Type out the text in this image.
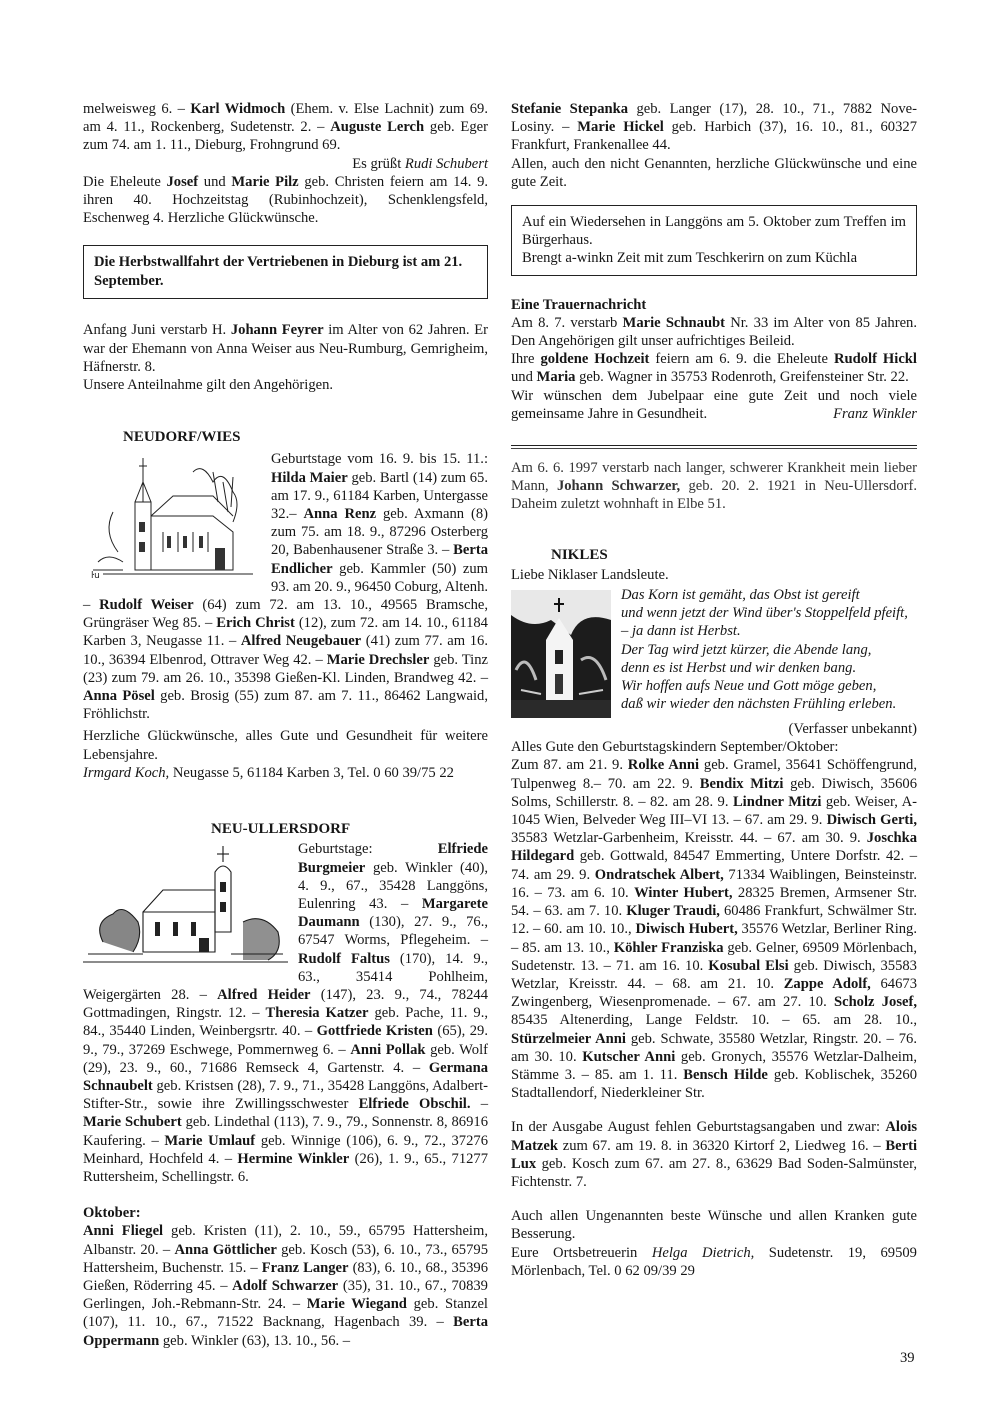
melweisweg 6. – Karl Widmoch (Ehem. v. Else Lachnit) zum 69. am 4. 11., Rockenberg, Sudetenstr. 2. – Auguste Lerch geb. Eger zum 74. am 1. 11., Dieburg, Frohngrund 69.

Es grüßt Rudi Schubert

Die Eheleute Josef und Marie Pilz geb. Christen feiern am 14. 9. ihren 40. Hochzeitstag (Rubinhochzeit), Schenklengsfeld, Eschenweg 4. Herzliche Glückwünsche.

Die Herbstwallfahrt der Vertriebenen in Dieburg ist am 21. September.

Anfang Juni verstarb H. Johann Feyrer im Alter von 62 Jahren. Er war der Ehemann von Anna Weiser aus Neu-Rumburg, Gemrigheim, Häfnerstr. 8.

Unsere Anteilnahme gilt den Angehörigen.

NEUDORF/WIES

ŀu
Geburtstage vom 16. 9. bis 15. 11.: Hilda Maier geb. Bartl (14) zum 65. am 17. 9., 61184 Karben, Untergasse 32.– Anna Renz geb. Axmann (8) zum 75. am 18. 9., 87296 Osterberg 20, Babenhausener Straße 3. – Berta Endlicher geb. Kammler (50) zum 93. am 20. 9., 96450 Coburg, Altenh. – Rudolf Weiser (64) zum 72. am 13. 10., 49565 Bramsche, Grüngräser Weg 85. – Erich Christ (12), zum 72. am 14. 10., 61184 Karben 3, Neugasse 11. – Alfred Neugebauer (41) zum 77. am 16. 10., 36394 Elbenrod, Ottraver Weg 42. – Marie Drechsler geb. Tinz (23) zum 79. am 26. 10., 35398 Gießen-Kl. Linden, Brandweg 42. – Anna Pösel geb. Brosig (55) zum 87. am 7. 11., 86462 Langwaid, Fröhlichstr.

Herzliche Glückwünsche, alles Gute und Gesundheit für weitere Lebensjahre.

Irmgard Koch, Neugasse 5, 61184 Karben 3, Tel. 0 60 39/75 22

NEU-ULLERSDORF

Geburtstage: Elfriede Burgmeier geb. Winkler (40), 4. 9., 67., 35428 Langgöns, Eulenring 43. – Margarete Daumann (130), 27. 9., 76., 67547 Worms, Pflegeheim. – Rudolf Faltus (170), 14. 9., 63., 35414 Pohlheim, Weigergärten 28. – Alfred Heider (147), 23. 9., 74., 78244 Gottmadingen, Ringstr. 12. – Theresia Katzer geb. Pache, 11. 9., 84., 35440 Linden, Weinbergsrtr. 40. – Gottfriede Kristen (65), 29. 9., 79., 37269 Eschwege, Pommernweg 6. – Anni Pollak geb. Wolf (29), 23. 9., 60., 71686 Remseck 4, Gartenstr. 4. – Germana Schnaubelt geb. Kristsen (28), 7. 9., 71., 35428 Langgöns, Adalbert-Stifter-Str., sowie ihre Zwillingsschwester Elfriede Obschil. – Marie Schubert geb. Lindethal (113), 7. 9., 79., Sonnenstr. 8, 86916 Kaufering. – Marie Umlauf geb. Winnige (106), 6. 9., 72., 37276 Meinhard, Hochfeld 4. – Hermine Winkler (26), 1. 9., 65., 71277 Ruttersheim, Schellingstr. 6.

Oktober:

Anni Fliegel geb. Kristen (11), 2. 10., 59., 65795 Hattersheim, Albanstr. 20. – Anna Göttlicher geb. Kosch (53), 6. 10., 73., 65795 Hattersheim, Buchenstr. 15. – Franz Langer (83), 6. 10., 68., 35396 Gießen, Röderring 45. – Adolf Schwarzer (35), 31. 10., 67., 70839 Gerlingen, Joh.-Rebmann-Str. 24. – Marie Wiegand geb. Stanzel (107), 11. 10., 67., 71522 Backnang, Hagenbach 39. – Berta Oppermann geb. Winkler (63), 13. 10., 56. –

Stefanie Stepanka geb. Langer (17), 28. 10., 71., 7882 Nove-Losiny. – Marie Hickel geb. Harbich (37), 16. 10., 81., 60327 Frankfurt, Frankenallee 44.

Allen, auch den nicht Genannten, herzliche Glückwünsche und eine gute Zeit.

Auf ein Wiedersehen in Langgöns am 5. Oktober zum Treffen im Bürgerhaus.

Brengt a-winkn Zeit mit zum Teschkerirn on zum Küchla

Eine Trauernachricht

Am 8. 7. verstarb Marie Schnaubt Nr. 33 im Alter von 85 Jahren. Den Angehörigen gilt unser aufrichtiges Beileid.

Ihre goldene Hochzeit feiern am 6. 9. die Eheleute Rudolf Hickl und Maria geb. Wagner in 35753 Rodenroth, Greifensteiner Str. 22.

Wir wünschen dem Jubelpaar eine gute Zeit und noch viele gemeinsame Jahre in Gesundheit.	Franz Winkler

Am 6. 6. 1997 verstarb nach langer, schwerer Krankheit mein lieber Mann, Johann Schwarzer, geb. 20. 2. 1921 in Neu-Ullersdorf. Daheim zuletzt wohnhaft in Elbe 51.

NIKLES

Liebe Niklaser Landsleute.

Das Korn ist gemäht, das Obst ist gereift

und wenn jetzt der Wind über's Stoppelfeld pfeift,

– ja dann ist Herbst.

Der Tag wird jetzt kürzer, die Abende lang,

denn es ist Herbst und wir denken bang.

Wir hoffen aufs Neue und Gott möge geben,

daß wir wieder den nächsten Frühling erleben.

(Verfasser unbekannt)

Alles Gute den Geburtstagskindern September/Oktober:

Zum 87. am 21. 9. Rolke Anni geb. Gramel, 35641 Schöffengrund, Tulpenweg 8.– 70. am 22. 9. Bendix Mitzi geb. Diwisch, 35606 Solms, Schillerstr. 8. – 82. am 28. 9. Lindner Mitzi geb. Weiser, A-1045 Wien, Belveder Weg III–VI 13. – 67. am 29. 9. Diwisch Gerti, 35583 Wetzlar-Garbenheim, Kreisstr. 44. – 67. am 30. 9. Joschka Hildegard geb. Gottwald, 84547 Emmerting, Untere Dorfstr. 42. – 74. am 29. 9. Ondratschek Albert, 71334 Waiblingen, Beinsteinstr. 16. – 73. am 6. 10. Winter Hubert, 28325 Bremen, Armsener Str. 54. – 63. am 7. 10. Kluger Traudi, 60486 Frankfurt, Schwälmer Str. 12. – 60. am 10. 10., Diwisch Hubert, 35576 Wetzlar, Berliner Ring. – 85. am 13. 10., Köhler Franziska geb. Gelner, 69509 Mörlenbach, Sudetenstr. 13. – 71. am 16. 10. Kosubal Elsi geb. Diwisch, 35583 Wetzlar, Kreisstr. 44. – 68. am 21. 10. Zappe Adolf, 64673 Zwingenberg, Wiesenpromenade. – 67. am 27. 10. Scholz Josef, 85435 Altenerding, Lange Feldstr. 10. – 65. am 28. 10., Stürzelmeier Anni geb. Schwate, 35580 Wetzlar, Ringstr. 20. – 76. am 30. 10. Kutscher Anni geb. Gronych, 35576 Wetzlar-Dalheim, Stämme 3. – 85. am 1. 11. Bensch Hilde geb. Koblischek, 35260 Stadtallendorf, Niederkleiner Str.

In der Ausgabe August fehlen Geburtstagsangaben und zwar: Alois Matzek zum 67. am 19. 8. in 36320 Kirtorf 2, Liedweg 16. – Berti Lux geb. Kosch zum 67. am 27. 8., 63629 Bad Soden-Salmünster, Fichtenstr. 7.

Auch allen Ungenannten beste Wünsche und allen Kranken gute Besserung.

Eure Ortsbetreuerin Helga Dietrich, Sudetenstr. 19, 69509 Mörlenbach, Tel. 0 62 09/39 29

39
